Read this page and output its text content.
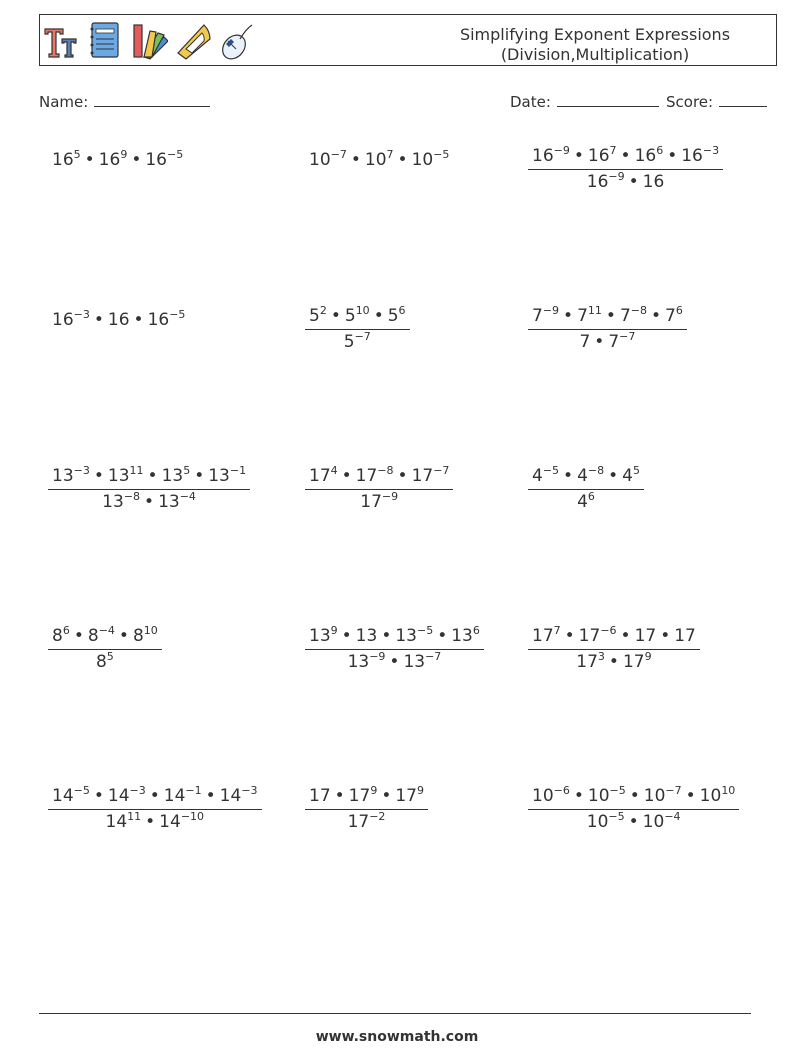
Simplifying Exponent Expressions
(Division,Multiplication)
Name:	Date:	Score:
$16^5$ • $16^9$ • $16^{-5}$	$10^{-7}$ • $10^7$ • $10^{-5}$	$\frac{16^{-9} • 16^7 • 16^6 • 16^{-3}}{16^{-9} • 16}$
$16^{-3}$ • 16 • $16^{-5}$	$\frac{5^2 • 5^{10} • 5^6}{5^{-7}}$	$\frac{7^{-9} • 7^{11} • 7^{-8} • 7^6}{7 • 7^{-7}}$
$\frac{13^{-3} • 13^{11} • 13^5 • 13^{-1}}{13^{-8} • 13^{-4}}$	$\frac{17^4 • 17^{-8} • 17^{-7}}{17^{-9}}$	$\frac{4^{-5} • 4^{-8} • 4^5}{4^6}$
$\frac{8^6 • 8^{-4} • 8^{10}}{8^5}$	$\frac{13^9 • 13 • 13^{-5} • 13^6}{13^{-9} • 13^{-7}}$	$\frac{17^7 • 17^{-6} • 17 • 17}{17^3 • 17^9}$
$\frac{14^{-5} • 14^{-3} • 14^{-1} • 14^{-3}}{14^{11} • 14^{-10}}$	$\frac{17 • 17^9 • 17^9}{17^{-2}}$	$\frac{10^{-6} • 10^{-5} • 10^{-7} • 10^{10}}{10^{-5} • 10^{-4}}$
www.snowmath.com
